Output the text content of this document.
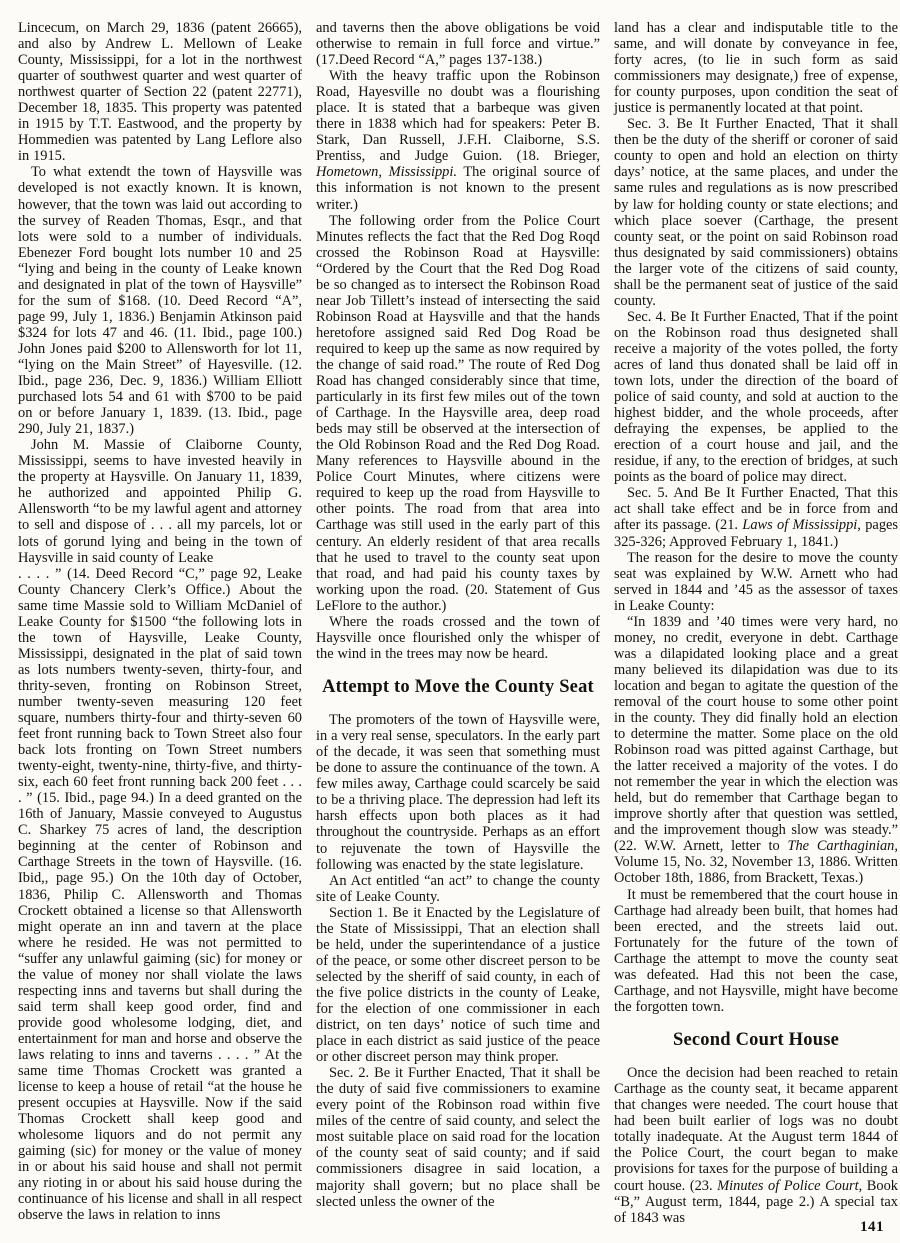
Lincecum, on March 29, 1836 (patent 26665), and also by Andrew L. Mellown of Leake County, Mississippi, for a lot in the northwest quarter of southwest quarter and west quarter of northwest quarter of Section 22 (patent 22771), December 18, 1835. This property was patented in 1915 by T.T. Eastwood, and the property by Hommedien was patented by Lang Leflore also in 1915.

To what extendt the town of Haysville was developed is not exactly known. It is known, however, that the town was laid out according to the survey of Readen Thomas, Esqr., and that lots were sold to a number of individuals. Ebenezer Ford bought lots number 10 and 25 “lying and being in the county of Leake known and designated in plat of the town of Haysville” for the sum of $168. (10. Deed Record “A”, page 99, July 1, 1836.) Benjamin Atkinson paid $324 for lots 47 and 46. (11. Ibid., page 100.) John Jones paid $200 to Allensworth for lot 11, “lying on the Main Street” of Hayesville. (12. Ibid., page 236, Dec. 9, 1836.) William Elliott purchased lots 54 and 61 with $700 to be paid on or before January 1, 1839. (13. Ibid., page 290, July 21, 1837.)

John M. Massie of Claiborne County, Mississippi, seems to have invested heavily in the property at Haysville. On January 11, 1839, he authorized and appointed Philip G. Allensworth “to be my lawful agent and attorney to sell and dispose of . . . all my parcels, lot or lots of gorund lying and being in the town of Haysville in said county of Leake

. . . . ” (14. Deed Record “C,” page 92, Leake County Chancery Clerk’s Office.) About the same time Massie sold to William McDaniel of Leake County for $1500 “the following lots in the town of Haysville, Leake County, Mississippi, designated in the plat of said town as lots numbers twenty-seven, thirty-four, and thrity-seven, fronting on Robinson Street, number twenty-seven measuring 120 feet square, numbers thirty-four and thirty-seven 60 feet front running back to Town Street also four back lots fronting on Town Street numbers twenty-eight, twenty-nine, thirty-five, and thirty-six, each 60 feet front running back 200 feet . . . . ” (15. Ibid., page 94.) In a deed granted on the 16th of January, Massie conveyed to Augustus C. Sharkey 75 acres of land, the description beginning at the center of Robinson and Carthage Streets in the town of Haysville. (16. Ibid,, page 95.) On the 10th day of October, 1836, Philip C. Allensworth and Thomas Crockett obtained a license so that Allensworth might operate an inn and tavern at the place where he resided. He was not permitted to “suffer any unlawful gaiming (sic) for money or the value of money nor shall violate the laws respecting inns and taverns but shall during the said term shall keep good order, find and provide good wholesome lodging, diet, and entertainment for man and horse and observe the laws relating to inns and taverns . . . . ” At the same time Thomas Crockett was granted a license to keep a house of retail “at the house he present occupies at Haysville. Now if the said Thomas Crockett shall keep good and wholesome liquors and do not permit any gaiming (sic) for money or the value of money in or about his said house and shall not permit any rioting in or about his said house during the continuance of his license and shall in all respect observe the laws in relation to inns

and taverns then the above obligations be void otherwise to remain in full force and virtue.” (17.Deed Record “A,” pages 137-138.)

With the heavy traffic upon the Robinson Road, Hayesville no doubt was a flourishing place. It is stated that a barbeque was given there in 1838 which had for speakers: Peter B. Stark, Dan Russell, J.F.H. Claiborne, S.S. Prentiss, and Judge Guion. (18. Brieger, Hometown, Mississippi. The original source of this information is not known to the present writer.)

The following order from the Police Court Minutes reflects the fact that the Red Dog Roqd crossed the Robinson Road at Haysville: “Ordered by the Court that the Red Dog Road be so changed as to intersect the Robinson Road near Job Tillett’s instead of intersecting the said Robinson Road at Haysville and that the hands heretofore assigned said Red Dog Road be required to keep up the same as now required by the change of said road.” The route of Red Dog Road has changed considerably since that time, particularly in its first few miles out of the town of Carthage. In the Haysville area, deep road beds may still be observed at the intersection of the Old Robinson Road and the Red Dog Road. Many references to Haysville abound in the Police Court Minutes, where citizens were required to keep up the road from Haysville to other points. The road from that area into Carthage was still used in the early part of this century. An elderly resident of that area recalls that he used to travel to the county seat upon that road, and had paid his county taxes by working upon the road. (20. Statement of Gus LeFlore to the author.)

Where the roads crossed and the town of Haysville once flourished only the whisper of the wind in the trees may now be heard.

Attempt to Move the County Seat

The promoters of the town of Haysville were, in a very real sense, speculators. In the early part of the decade, it was seen that something must be done to assure the continuance of the town. A few miles away, Carthage could scarcely be said to be a thriving place. The depression had left its harsh effects upon both places as it had throughout the countryside. Perhaps as an effort to rejuvenate the town of Haysville the following was enacted by the state legislature.

An Act entitled “an act” to change the county site of Leake County.

Section 1. Be it Enacted by the Legislature of the State of Mississippi, That an election shall be held, under the superintendance of a justice of the peace, or some other discreet person to be selected by the sheriff of said county, in each of the five police districts in the county of Leake, for the election of one commissioner in each district, on ten days’ notice of such time and place in each district as said justice of the peace or other discreet person may think proper.

Sec. 2. Be it Further Enacted, That it shall be the duty of said five commissioners to examine every point of the Robinson road within five miles of the centre of said county, and select the most suitable place on said road for the location of the county seat of said county; and if said commissioners disagree in said location, a majority shall govern; but no place shall be slected unless the owner of the

land has a clear and indisputable title to the same, and will donate by conveyance in fee, forty acres, (to lie in such form as said commissioners may designate,) free of expense, for county purposes, upon condition the seat of justice is permanently located at that point.

Sec. 3. Be It Further Enacted, That it shall then be the duty of the sheriff or coroner of said county to open and hold an election on thirty days’ notice, at the same places, and under the same rules and regulations as is now prescribed by law for holding county or state elections; and which place soever (Carthage, the present county seat, or the point on said Robinson road thus designated by said commissioners) obtains the larger vote of the citizens of said county, shall be the permanent seat of justice of the said county.

Sec. 4. Be It Further Enacted, That if the point on the Robinson road thus designeted shall receive a majority of the votes polled, the forty acres of land thus donated shall be laid off in town lots, under the direction of the board of police of said county, and sold at auction to the highest bidder, and the whole proceeds, after defraying the expenses, be applied to the erection of a court house and jail, and the residue, if any, to the erection of bridges, at such points as the board of police may direct.

Sec. 5. And Be It Further Enacted, That this act shall take effect and be in force from and after its passage. (21. Laws of Mississippi, pages 325-326; Approved February 1, 1841.)

The reason for the desire to move the county seat was explained by W.W. Arnett who had served in 1844 and ’45 as the assessor of taxes in Leake County:

“In 1839 and ’40 times were very hard, no money, no credit, everyone in debt. Carthage was a dilapidated looking place and a great many believed its dilapidation was due to its location and began to agitate the question of the removal of the court house to some other point in the county. They did finally hold an election to determine the matter. Some place on the old Robinson road was pitted against Carthage, but the latter received a majority of the votes. I do not remember the year in which the election was held, but do remember that Carthage began to improve shortly after that question was settled, and the improvement though slow was steady.” (22. W.W. Arnett, letter to The Carthaginian, Volume 15, No. 32, November 13, 1886. Written October 18th, 1886, from Brackett, Texas.)

It must be remembered that the court house in Carthage had already been built, that homes had been erected, and the streets laid out. Fortunately for the future of the town of Carthage the attempt to move the county seat was defeated. Had this not been the case, Carthage, and not Haysville, might have become the forgotten town.

Second Court House

Once the decision had been reached to retain Carthage as the county seat, it became apparent that changes were needed. The court house that had been built earlier of logs was no doubt totally inadequate. At the August term 1844 of the Police Court, the court began to make provisions for taxes for the purpose of building a court house. (23. Minutes of Police Court, Book “B,” August term, 1844, page 2.) A special tax of 1843 was

141
